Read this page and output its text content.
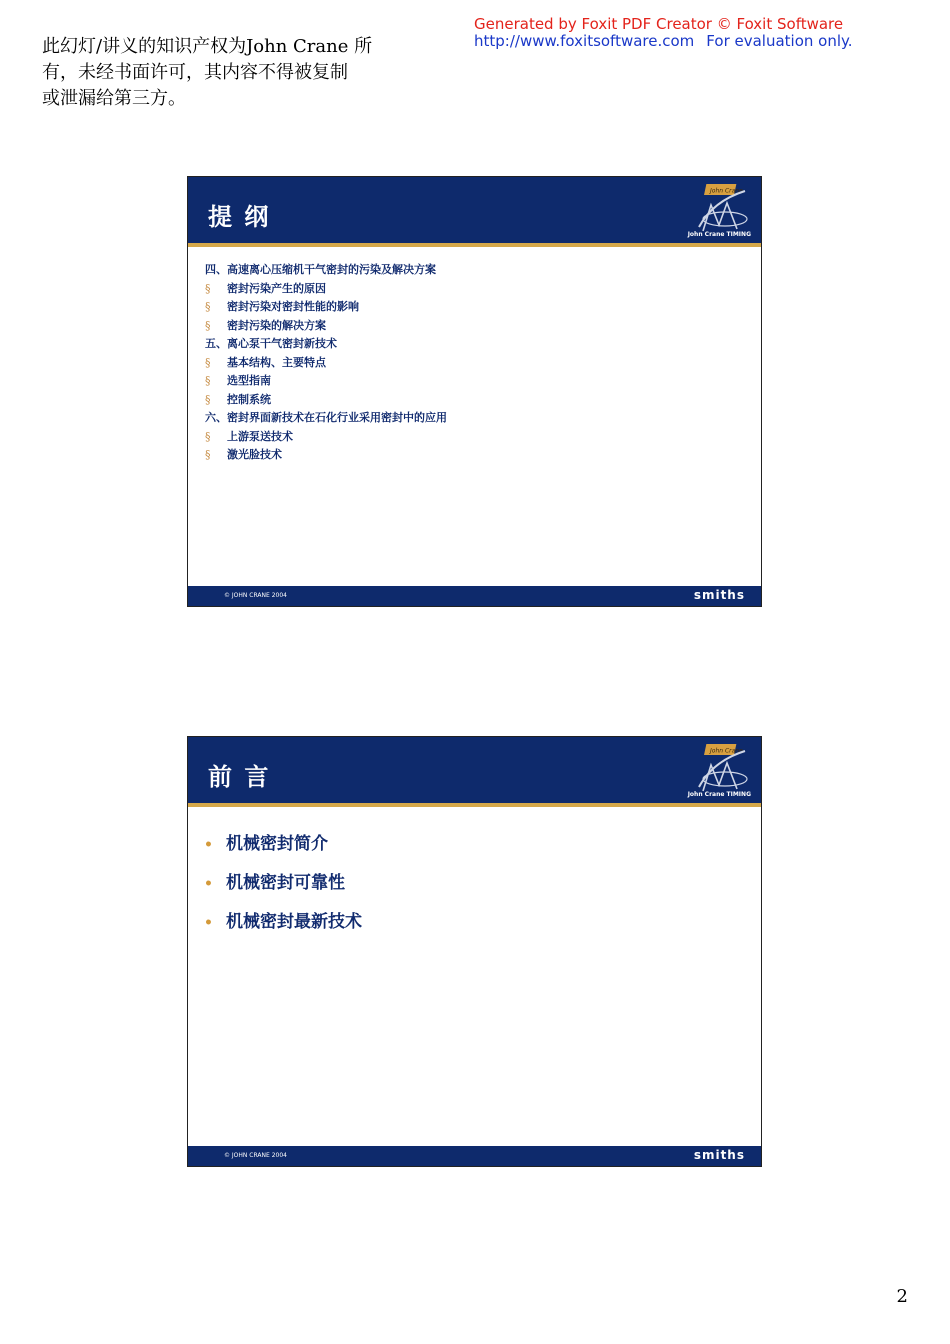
此幻灯/讲义的知识产权为John Crane 所
有，未经书面许可，其内容不得被复制
或泄漏给第三方。
Generated by Foxit PDF Creator © Foxit Software
http://www.foxitsoftware.com For evaluation only.
提 纲
John Crane
John Crane TIMING
四、高速离心压缩机干气密封的污染及解决方案
§ 密封污染产生的原因
§ 密封污染对密封性能的影响
§ 密封污染的解决方案
五、离心泵干气密封新技术
§ 基本结构、主要特点
§ 选型指南
§ 控制系统
六、密封界面新技术在石化行业采用密封中的应用
§ 上游泵送技术
§ 激光脸技术
© JOHN CRANE 2004	smiths
前 言
John Crane
John Crane TIMING
• 机械密封简介
• 机械密封可靠性
• 机械密封最新技术
© JOHN CRANE 2004	smiths
2
